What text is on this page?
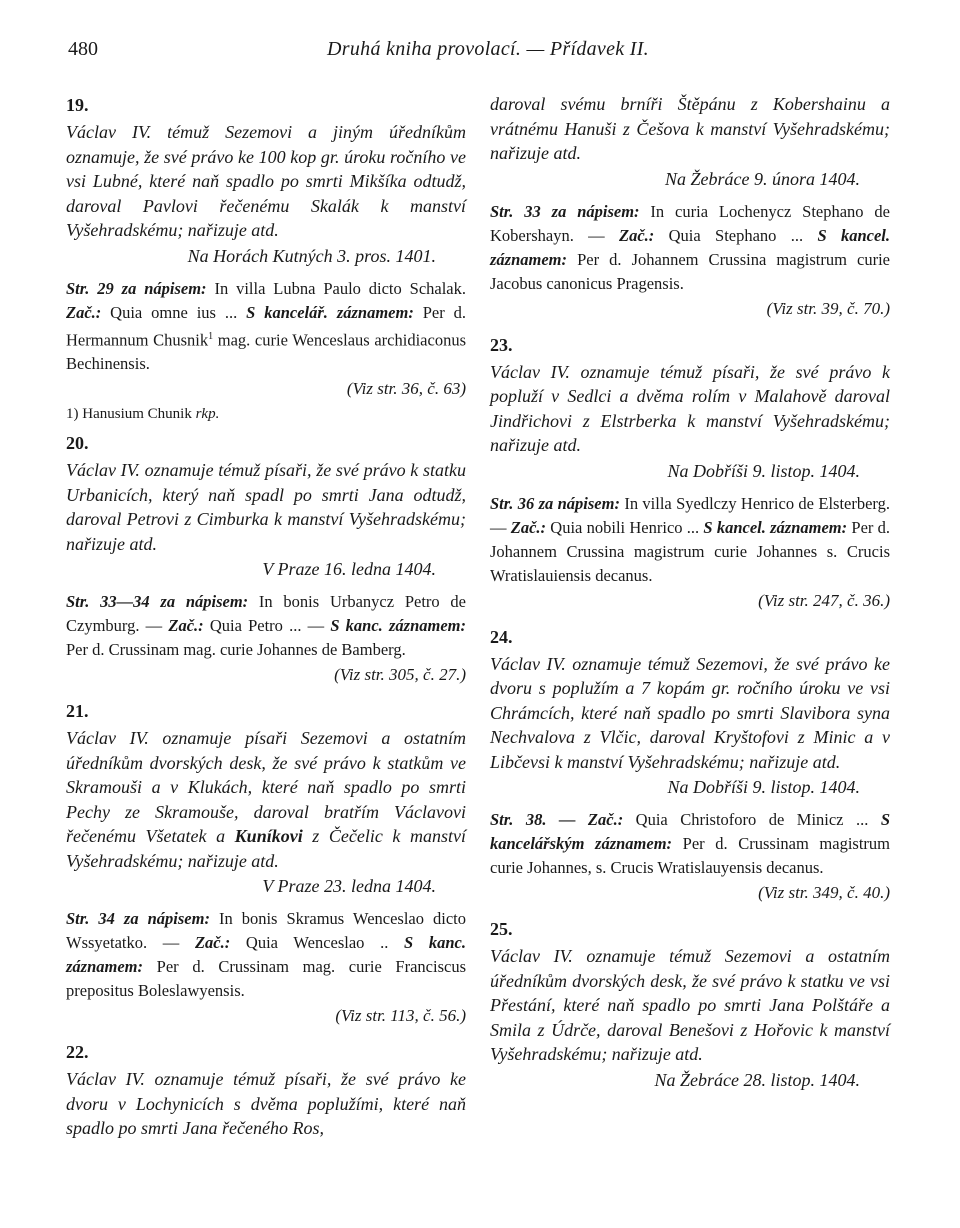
480	Druhá kniha provolací. — Přídavek II.
19.

Václav IV. témuž Sezemovi a jiným úředníkům oznamuje, že své právo ke 100 kop gr. úroku ročního ve vsi Lubné, které naň spadlo po smrti Mikšíka odtudž, daroval Pavlovi řečenému Skalák k manství Vyšehradskému; nařizuje atd.

Na Horách Kutných 3. pros. 1401.

Str. 29 za nápisem: In villa Lubna Paulo dicto Schalak. Zač.: Quia omne ius ... S kancelář. záznamem: Per d. Hermannum Chusnik$^1$ mag. curie Wenceslaus archidiaconus Bechinensis.

(Viz str. 36, č. 63)
1) Hanusium Chunik rkp.
20.

Václav IV. oznamuje témuž písaři, že své právo k statku Urbanicích, který naň spadl po smrti Jana odtudž, daroval Petrovi z Cimburka k manství Vyšehradskému; nařizuje atd.

V Praze 16. ledna 1404.

Str. 33—34 za nápisem: In bonis Urbanycz Petro de Czymburg. — Zač.: Quia Petro ... — S kanc. záznamem: Per d. Crussinam mag. curie Johannes de Bamberg.

(Viz str. 305, č. 27.)
21.

Václav IV. oznamuje písaři Sezemovi a ostatním úředníkům dvorských desk, že své právo k statkům ve Skramouši a v Klukách, které naň spadlo po smrti Pechy ze Skramouše, daroval bratřím Václavovi řečenému Všetatek a Kuníkovi z Čečelic k manství Vyšehradskému; nařizuje atd.

V Praze 23. ledna 1404.

Str. 34 za nápisem: In bonis Skramus Wenceslao dicto Wssyetatko. — Zač.: Quia Wenceslao .. S kanc. záznamem: Per d. Crussinam mag. curie Franciscus prepositus Boleslawyensis.

(Viz str. 113, č. 56.)
22.

Václav IV. oznamuje témuž písaři, že své právo ke dvoru v Lochynicích s dvěma poplužími, které naň spadlo po smrti Jana řečeného Ros,

daroval svému brníři Štěpánu z Kobershainu a vrátnému Hanuši z Češova k manství Vyšehradskému; nařizuje atd.

Na Žebráce 9. února 1404.

Str. 33 za nápisem: In curia Lochenycz Stephano de Kobershayn. — Zač.: Quia Stephano ... S kancel. záznamem: Per d. Johannem Crussina magistrum curie Jacobus canonicus Pragensis.

(Viz str. 39, č. 70.)
23.

Václav IV. oznamuje témuž písaři, že své právo k popluží v Sedlci a dvěma rolím v Malahově daroval Jindřichovi z Elstrberka k manství Vyšehradskému; nařizuje atd.

Na Dobříši 9. listop. 1404.

Str. 36 za nápisem: In villa Syedlczy Henrico de Elsterberg. — Zač.: Quia nobili Henrico ... S kancel. záznamem: Per d. Johannem Crussina magistrum curie Johannes s. Crucis Wratislauiensis decanus.

(Viz str. 247, č. 36.)
24.

Václav IV. oznamuje témuž Sezemovi, že své právo ke dvoru s poplužím a 7 kopám gr. ročního úroku ve vsi Chrámcích, které naň spadlo po smrti Slavibora syna Nechvalova z Vlčic, daroval Kryštofovi z Minic a v Libčevsi k manství Vyšehradskému; nařizuje atd.

Na Dobříši 9. listop. 1404.

Str. 38. — Zač.: Quia Christoforo de Minicz ... S kancelářským záznamem: Per d. Crussinam magistrum curie Johannes, s. Crucis Wratislauyensis decanus.

(Viz str. 349, č. 40.)
25.

Václav IV. oznamuje témuž Sezemovi a ostatním úředníkům dvorských desk, že své právo k statku ve vsi Přestání, které naň spadlo po smrti Jana Polštáře a Smila z Údrče, daroval Benešovi z Hořovic k manství Vyšehradskému; nařizuje atd.

Na Žebráce 28. listop. 1404.
